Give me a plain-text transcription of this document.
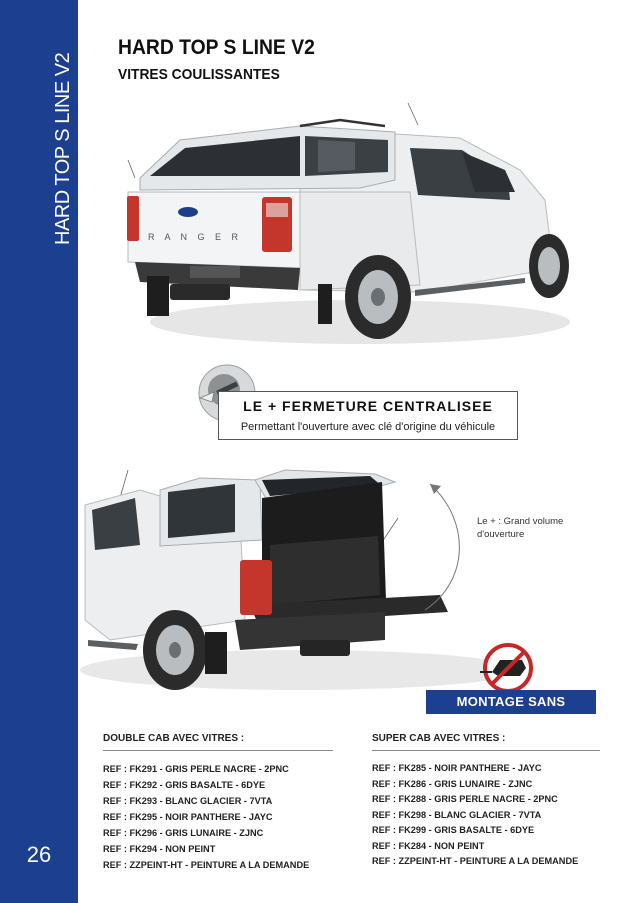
HARD TOP S LINE V2
26
HARD TOP S LINE V2
VITRES COULISSANTES
R A N G E R
LE + FERMETURE CENTRALISEE
Permettant l'ouverture avec clé d'origine du véhicule
Le + : Grand volume
d'ouverture
MONTAGE SANS PERCAGE
DOUBLE CAB AVEC VITRES :
REF : FK291 - GRIS PERLE NACRE - 2PNC
REF : FK292 - GRIS BASALTE - 6DYE
REF : FK293 - BLANC GLACIER - 7VTA
REF : FK295 - NOIR PANTHERE - JAYC
REF : FK296 - GRIS LUNAIRE - ZJNC
REF : FK294 - NON PEINT
REF : ZZPEINT-HT - PEINTURE A LA DEMANDE
SUPER CAB AVEC VITRES :
REF : FK285 - NOIR PANTHERE - JAYC
REF : FK286 - GRIS LUNAIRE - ZJNC
REF : FK288 - GRIS PERLE NACRE - 2PNC
REF : FK298 - BLANC GLACIER - 7VTA
REF : FK299 - GRIS BASALTE - 6DYE
REF : FK284 - NON PEINT
REF : ZZPEINT-HT - PEINTURE A LA DEMANDE
